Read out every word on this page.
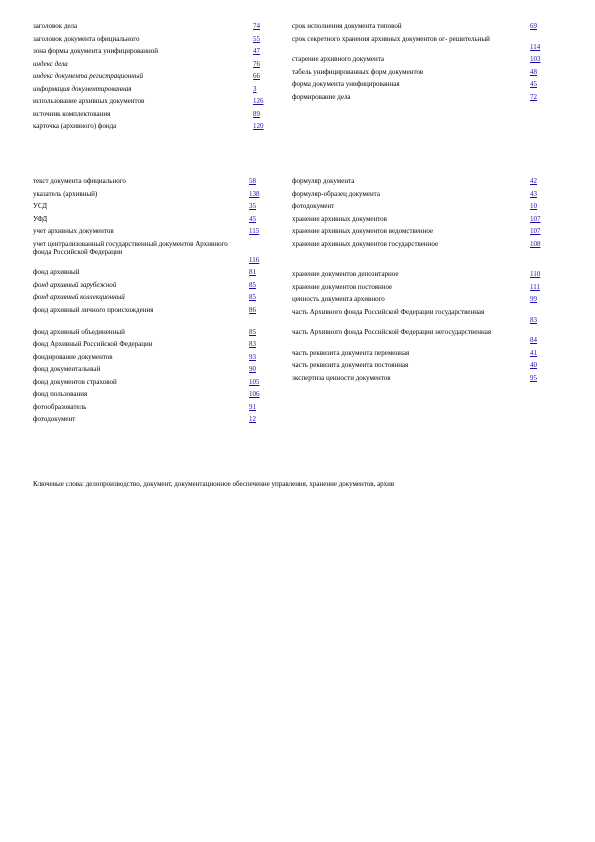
заголовок дела	74
заголовок документа официального	55
зона формы документа унифицированной	47
индекс дела	76
индекс документа регистрационный	66
информация документированная	3
использование архивных документов	126
источник комплектования	89
карточка (архивного) фонда	120
срок исполнения документа типовой	69
срок секретного хранения архивных документов ог- решительный
114
старение архивного документа	103
табель унифицированных форм документов	48
форма документа унифицированная	45
формирование дела	72
текст документа официального	58
указатель (архивный)	138
УСД	35
УФД	45
учет архивных документов	115
учет централизованный государственный документов Архивного фонда Российской Федерации
116
фонд архивный	81
фонд архивный зарубежной	85
фонд архивный коллекционный	85
фонд архивный личного происхождения	86
фонд архивный объединенный	85
фонд Архивный Российской Федерации	83
фондирование документов	93
фонд документальный	90
фонд документов страховой	105
фонд пользования	106
фотообразователь	91
фотодокумент	12
формуляр документа	42
формуляр-образец документа	43
фотодокумент	10
хранение архивных документов	107
хранение архивных документов ведомственное	107
хранение архивных документов государственное	108
хранение документов депозитарное	110
хранение документов постоянное	111
ценность документа архивного	99
часть Архивного фонда Российской Федерации государственная
83
часть Архивного фонда Российской Федерации негосударственная
84
часть реквизита документа переменная	41
часть реквизита документа постоянная	40
экспертиза ценности документов	95
Ключевые слова: делопроизводство, документ, документационное обеспечение управления, хранение документов, архив
